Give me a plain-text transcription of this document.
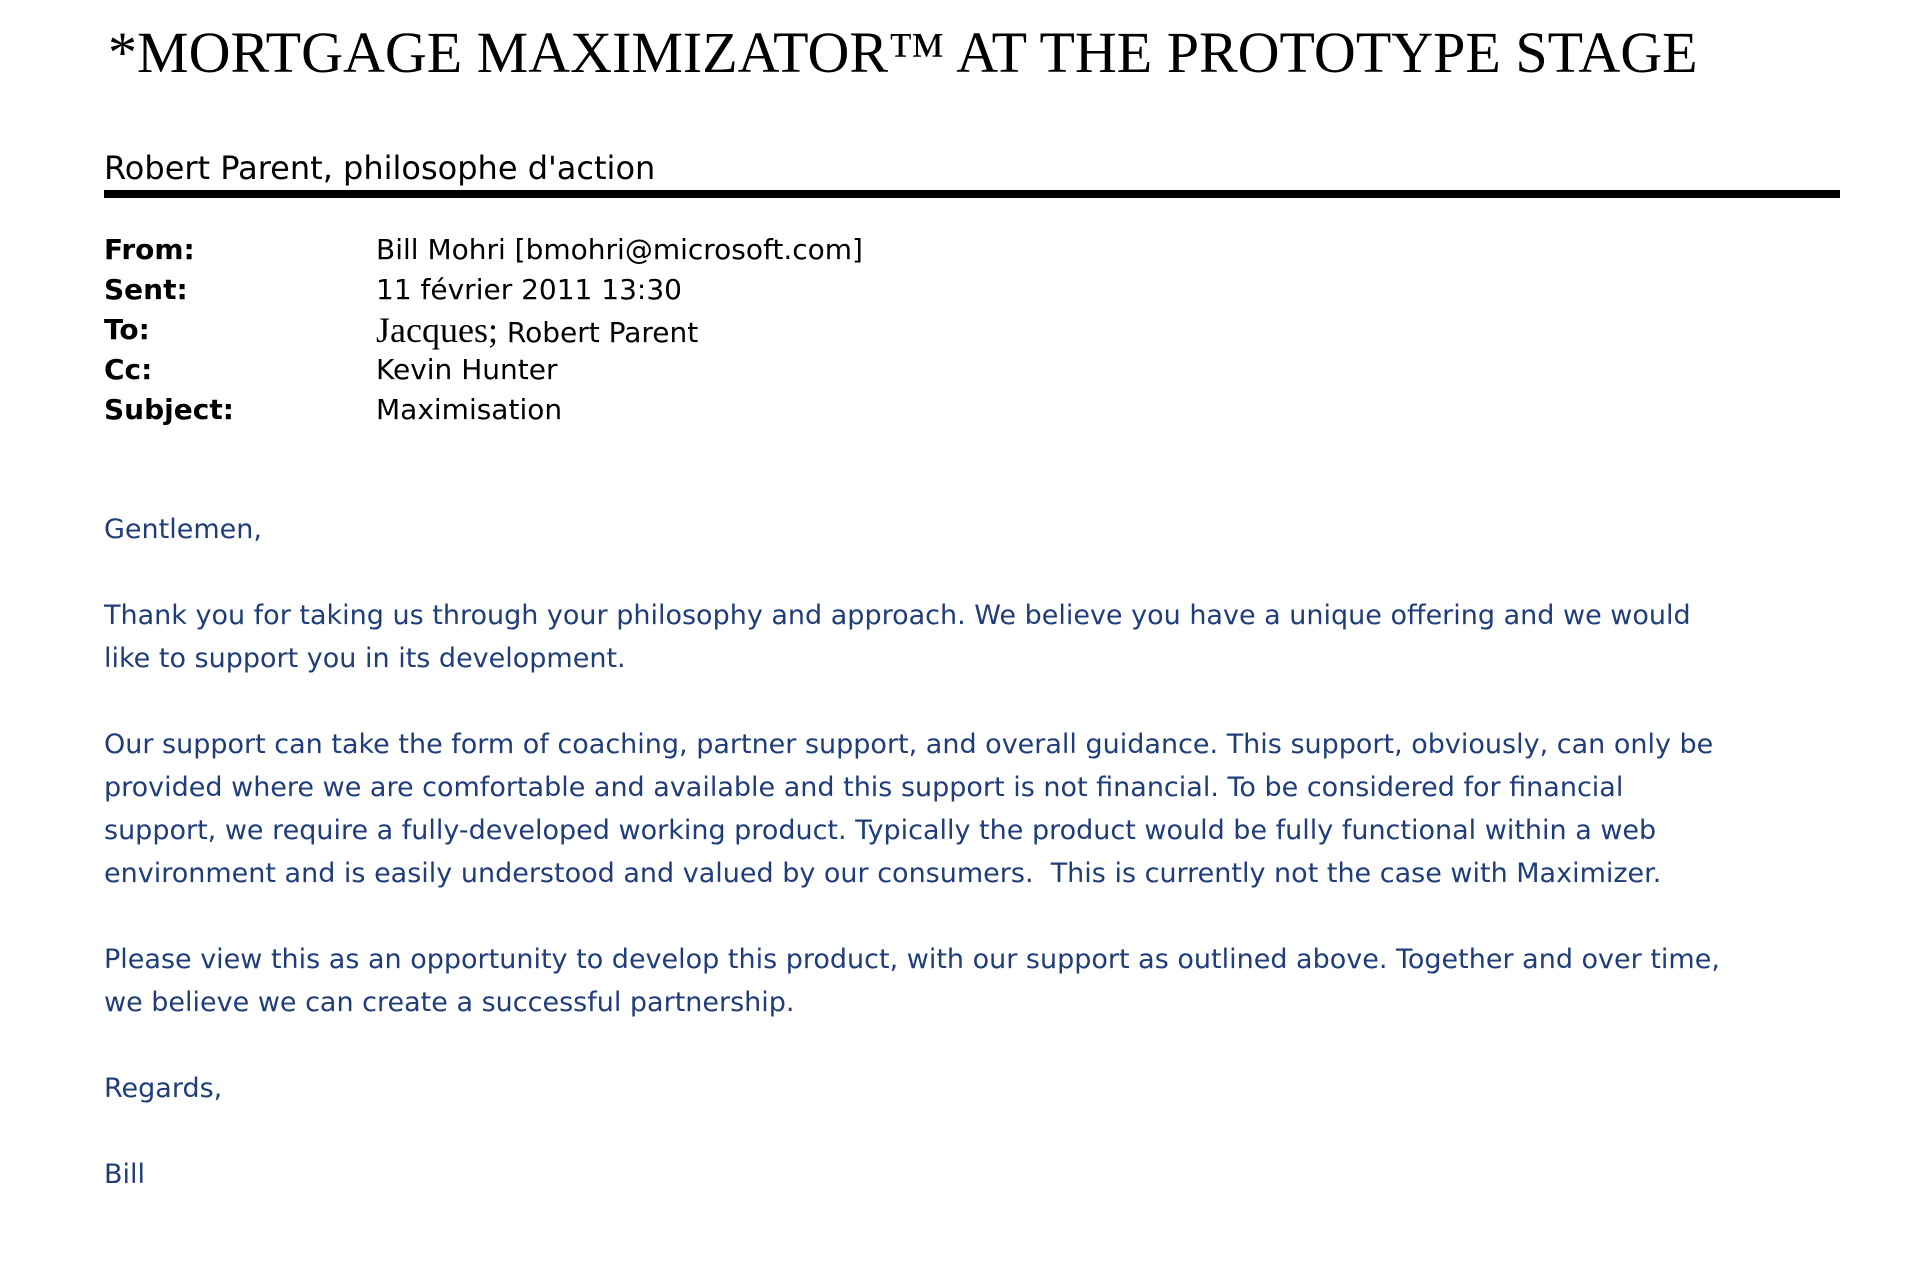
*MORTGAGE MAXIMIZATOR™ AT THE PROTOTYPE STAGE
Robert Parent, philosophe d'action
From:	Bill Mohri [bmohri@microsoft.com]
Sent:	11 février 2011 13:30
To:	Jacques; Robert Parent
Cc:	Kevin Hunter
Subject:	Maximisation

Gentlemen,

Thank you for taking us through your philosophy and approach. We believe you have a unique offering and we would like to support you in its development.

Our support can take the form of coaching, partner support, and overall guidance. This support, obviously, can only be provided where we are comfortable and available and this support is not financial. To be considered for financial support, we require a fully-developed working product. Typically the product would be fully functional within a web environment and is easily understood and valued by our consumers.  This is currently not the case with Maximizer.

Please view this as an opportunity to develop this product, with our support as outlined above. Together and over time, we believe we can create a successful partnership.

Regards,

Bill
